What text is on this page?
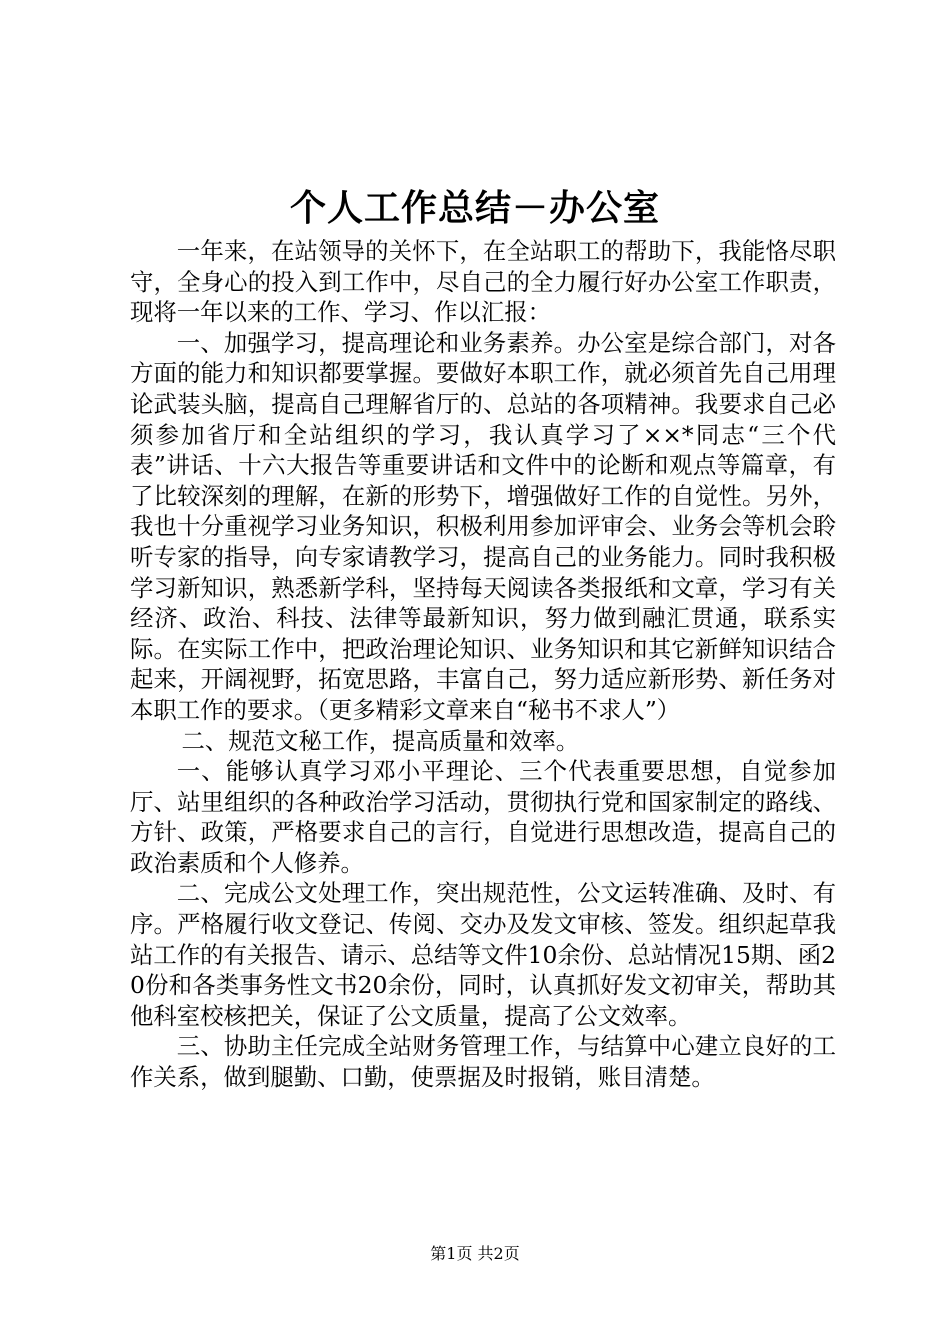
个人工作总结－办公室

一年来，在站领导的关怀下，在全站职工的帮助下，我能恪尽职守，全身心的投入到工作中，尽自己的全力履行好办公室工作职责，现将一年以来的工作、学习、作以汇报：

一、加强学习，提高理论和业务素养。办公室是综合部门，对各方面的能力和知识都要掌握。要做好本职工作，就必须首先自己用理论武装头脑，提高自己理解省厅的、总站的各项精神。我要求自己必须参加省厅和全站组织的学习，我认真学习了××*同志“三个代表”讲话、十六大报告等重要讲话和文件中的论断和观点等篇章，有了比较深刻的理解，在新的形势下，增强做好工作的自觉性。另外，我也十分重视学习业务知识，积极利用参加评审会、业务会等机会聆听专家的指导，向专家请教学习，提高自己的业务能力。同时我积极学习新知识，熟悉新学科，坚持每天阅读各类报纸和文章，学习有关经济、政治、科技、法律等最新知识，努力做到融汇贯通，联系实际。在实际工作中，把政治理论知识、业务知识和其它新鲜知识结合起来，开阔视野，拓宽思路，丰富自己，努力适应新形势、新任务对本职工作的要求。（更多精彩文章来自“秘书不求人”）

二、规范文秘工作，提高质量和效率。

一、能够认真学习邓小平理论、三个代表重要思想，自觉参加厅、站里组织的各种政治学习活动，贯彻执行党和国家制定的路线、方针、政策，严格要求自己的言行，自觉进行思想改造，提高自己的政治素质和个人修养。

二、完成公文处理工作，突出规范性，公文运转准确、及时、有序。严格履行收文登记、传阅、交办及发文审核、签发。组织起草我站工作的有关报告、请示、总结等文件10余份、总站情况15期、函20份和各类事务性文书20余份，同时，认真抓好发文初审关，帮助其他科室校核把关，保证了公文质量，提高了公文效率。

三、协助主任完成全站财务管理工作，与结算中心建立良好的工作关系，做到腿勤、口勤，使票据及时报销，账目清楚。

第1页 共2页
